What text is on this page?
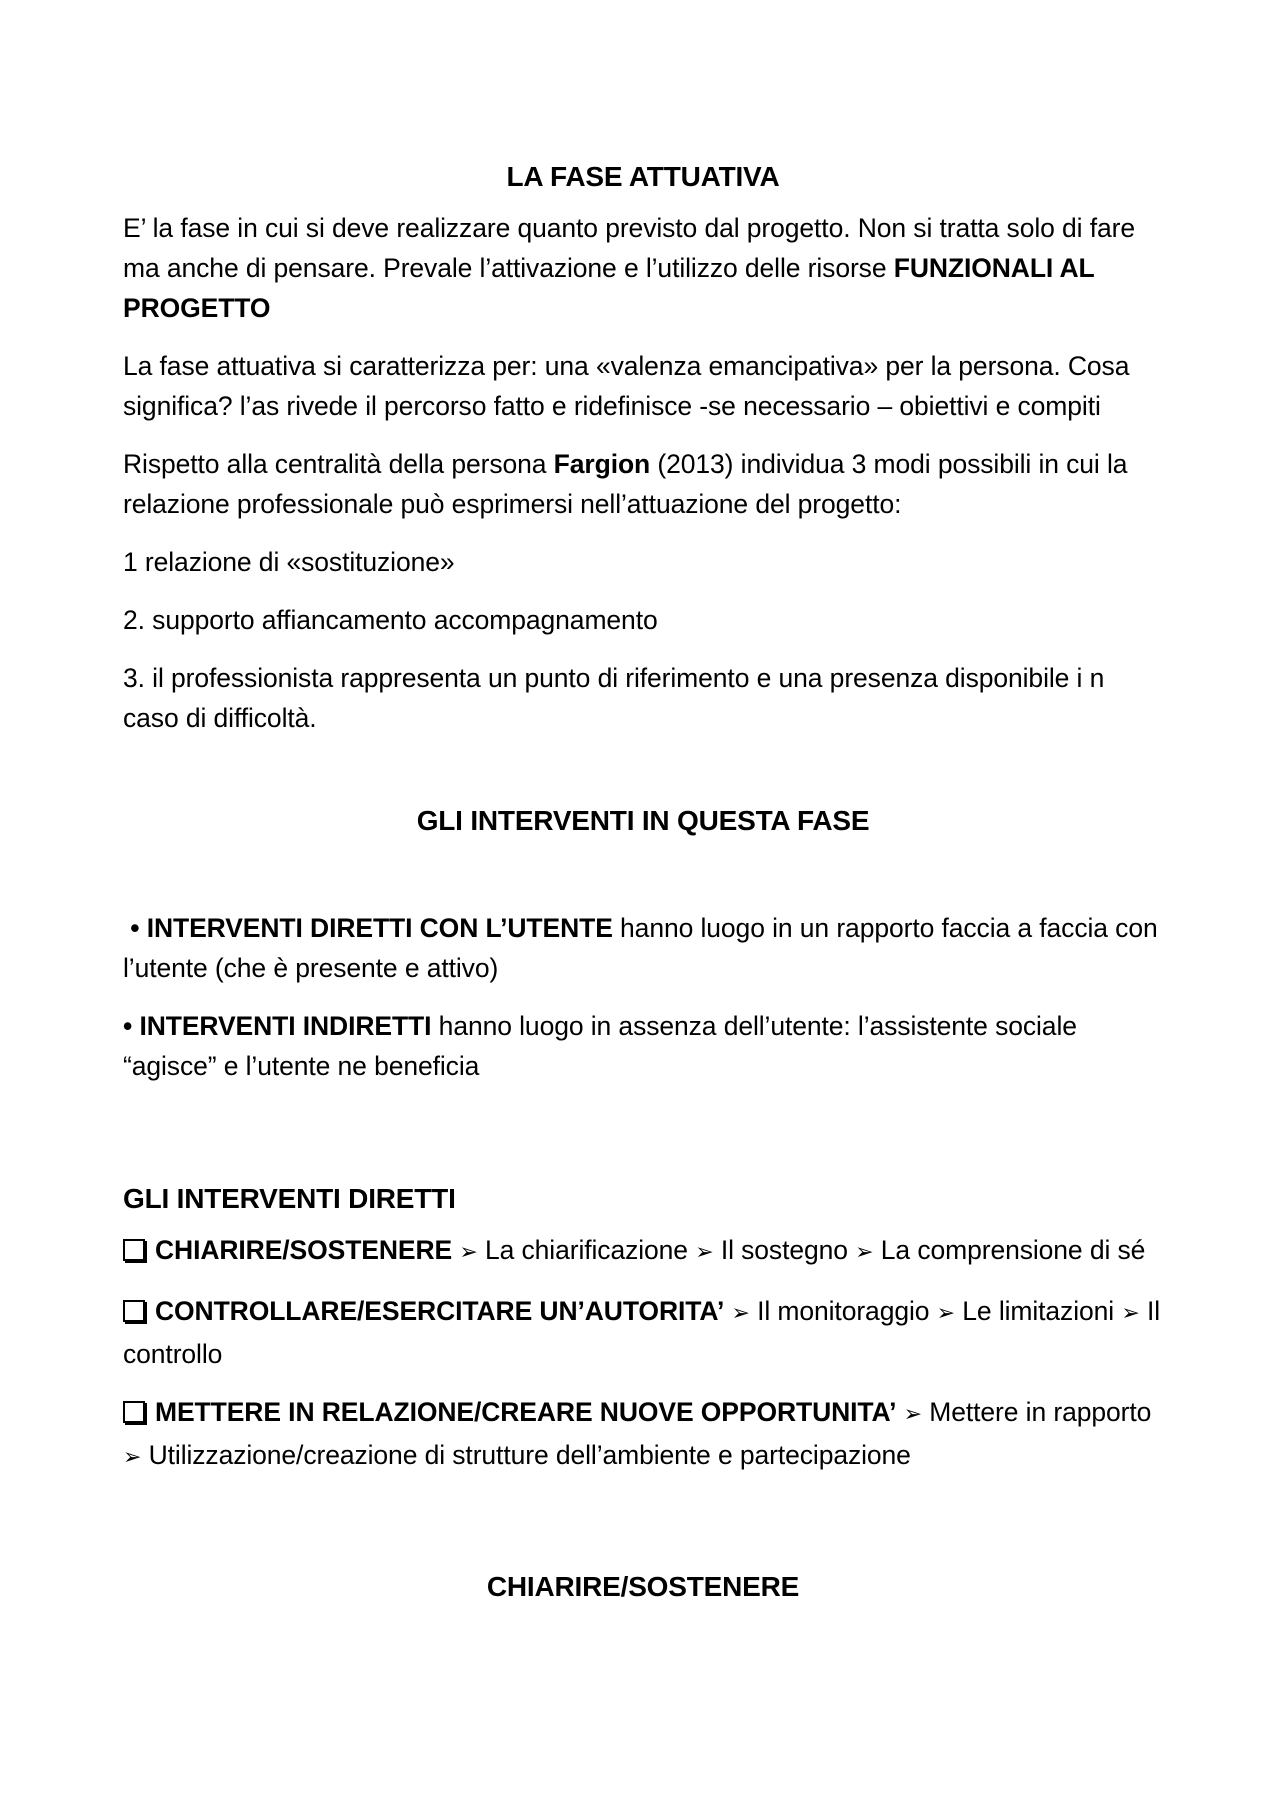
LA FASE ATTUATIVA

E’ la fase in cui si deve realizzare quanto previsto dal progetto. Non si tratta solo di fare ma anche di pensare. Prevale l’attivazione e l’utilizzo delle risorse FUNZIONALI AL PROGETTO

La fase attuativa si caratterizza per: una «valenza emancipativa» per la persona. Cosa significa? l’as rivede il percorso fatto e ridefinisce -se necessario – obiettivi e compiti

Rispetto alla centralità della persona Fargion (2013) individua 3 modi possibili in cui la relazione professionale può esprimersi nell’attuazione del progetto:

1 relazione di «sostituzione»

2. supporto affiancamento accompagnamento

3. il professionista rappresenta un punto di riferimento e una presenza disponibile i n caso di difficoltà.

GLI INTERVENTI IN QUESTA FASE

• INTERVENTI DIRETTI CON L’UTENTE hanno luogo in un rapporto faccia a faccia con l’utente (che è presente e attivo)

• INTERVENTI INDIRETTI hanno luogo in assenza dell’utente: l’assistente sociale “agisce” e l’utente ne beneficia

GLI INTERVENTI DIRETTI

CHIARIRE/SOSTENERE ➢ La chiarificazione ➢ Il sostegno ➢ La comprensione di sé

CONTROLLARE/ESERCITARE UN’AUTORITA’ ➢ Il monitoraggio ➢ Le limitazioni ➢ Il controllo

METTERE IN RELAZIONE/CREARE NUOVE OPPORTUNITA’ ➢ Mettere in rapporto ➢ Utilizzazione/creazione di strutture dell’ambiente e partecipazione

CHIARIRE/SOSTENERE
